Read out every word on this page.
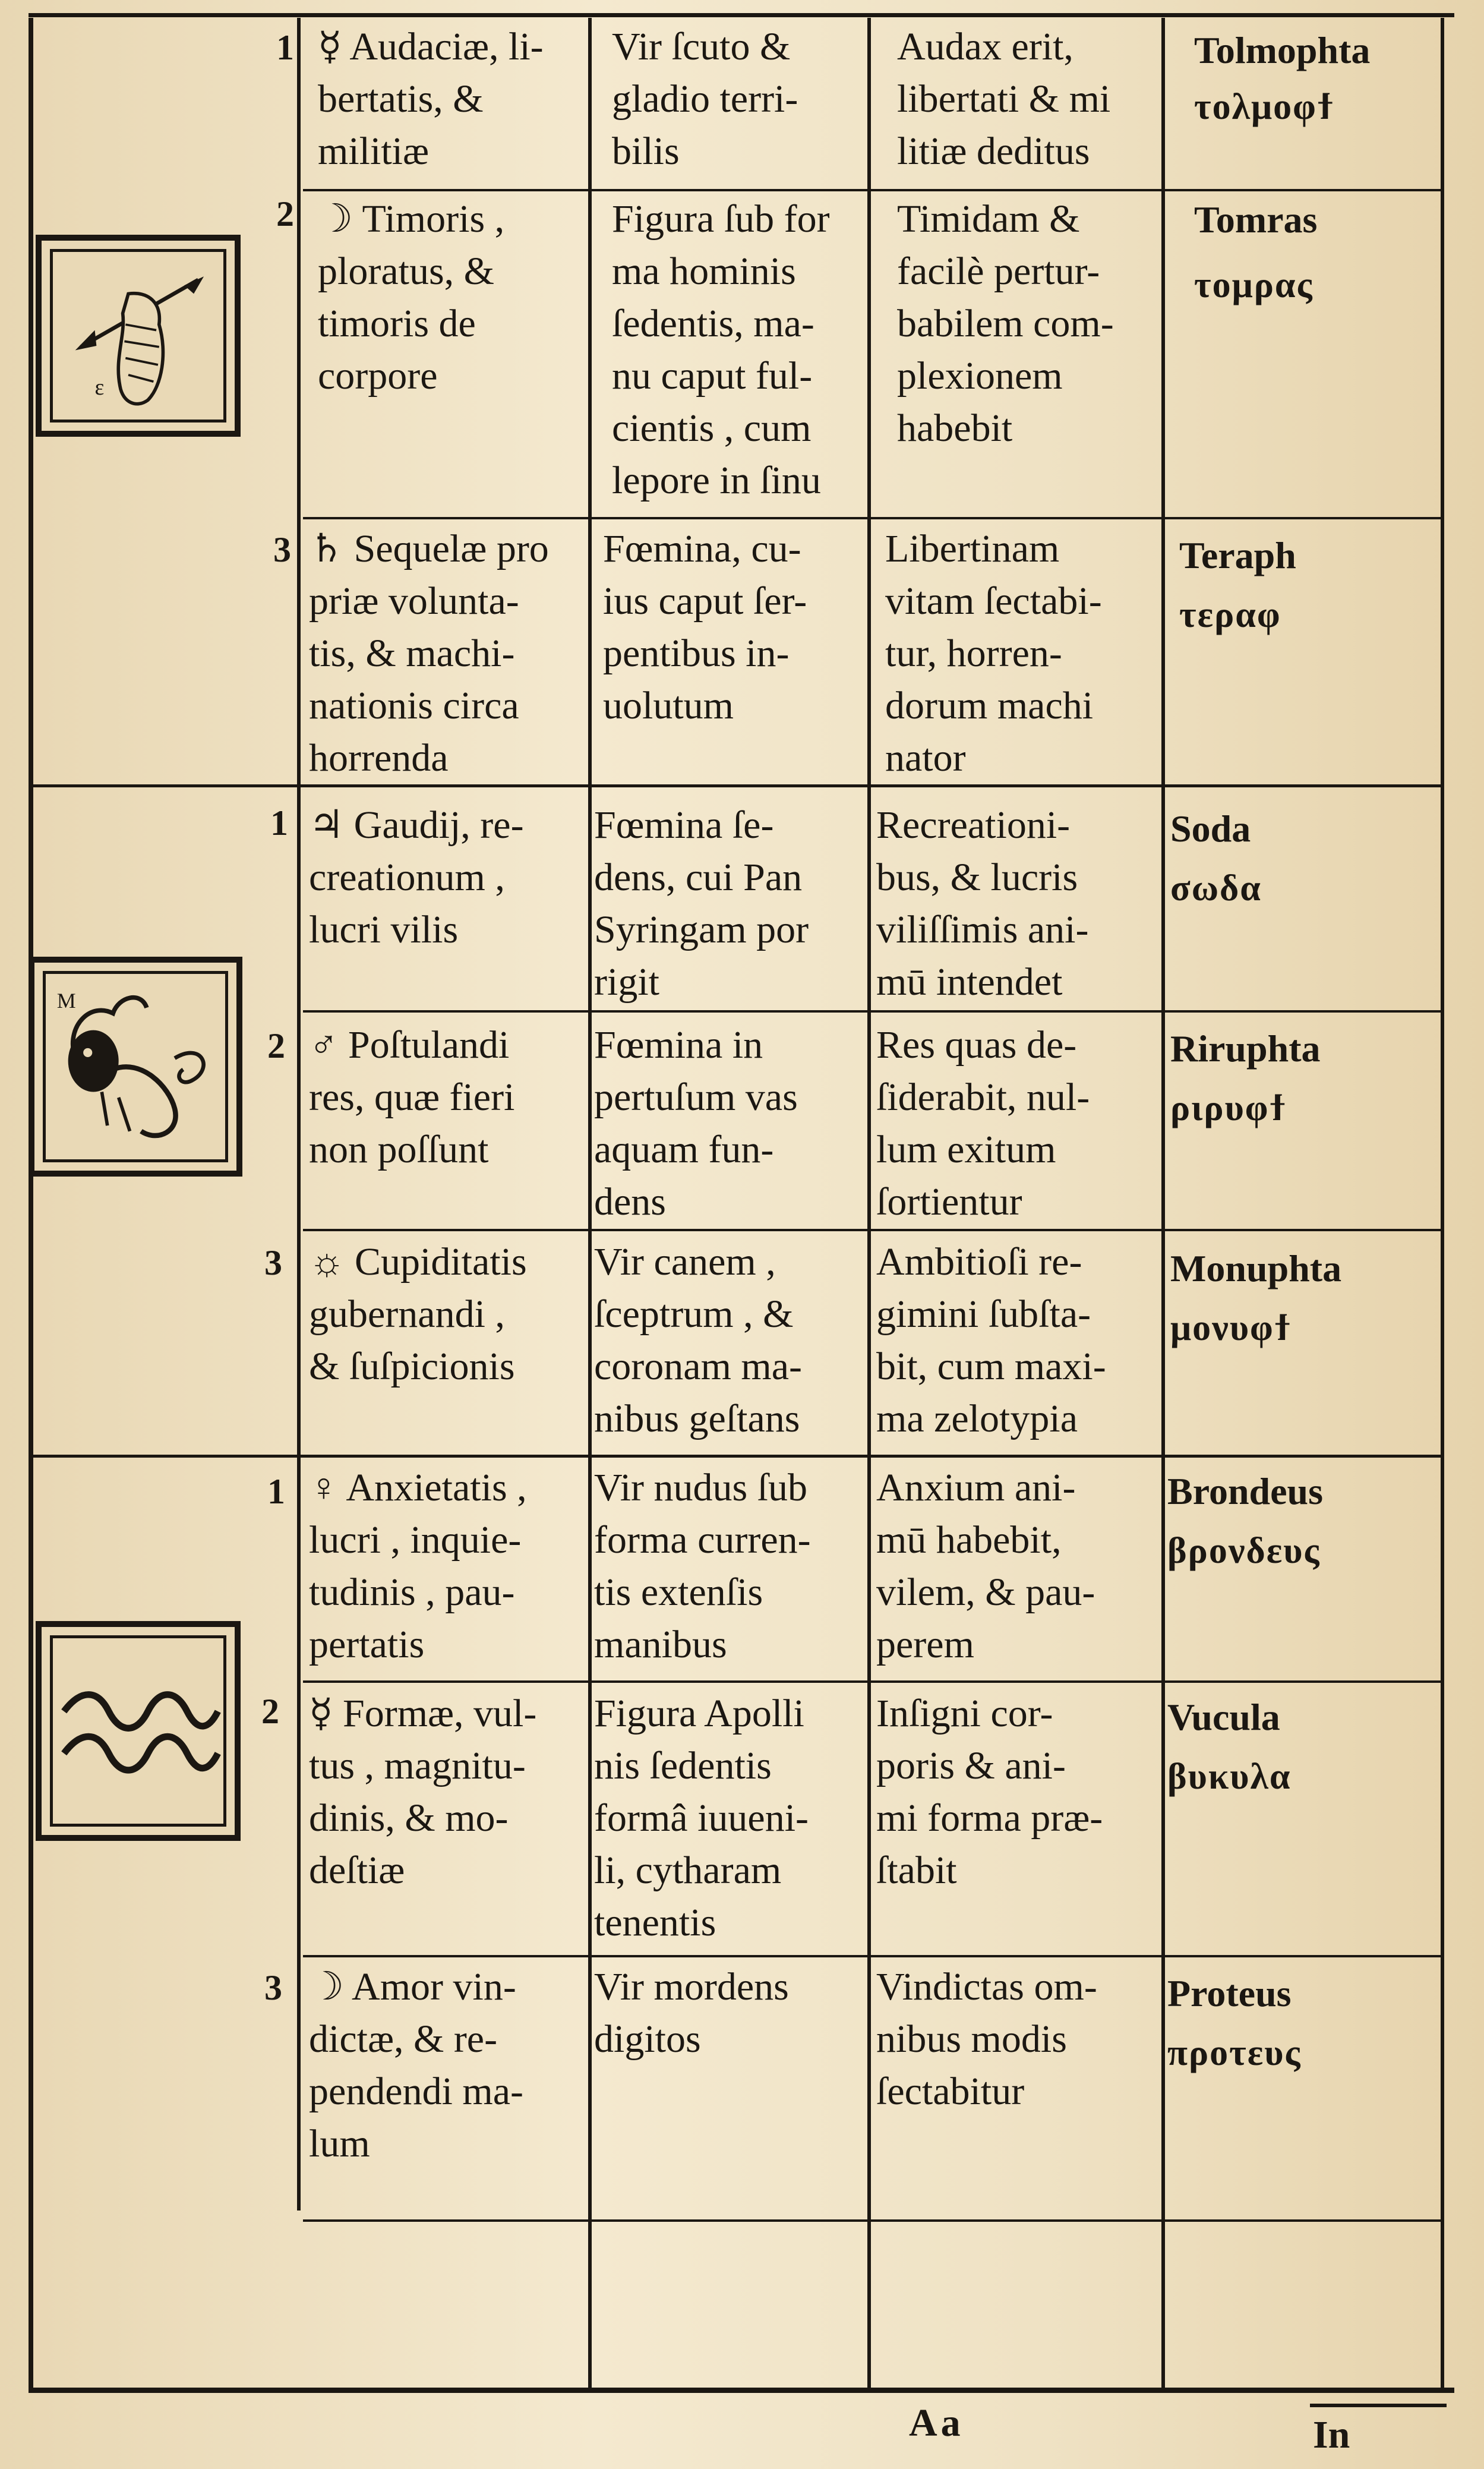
ε
M
1 ☿ Audaciæ, li-
bertatis, &
militiæ
Vir ſcuto &
gladio terri-
bilis
Audax erit,
libertati & mi
litiæ deditus
Tolmophta
τολμοφϯ
2 ☽ Timoris ,
ploratus, &
timoris de
corpore
Figura ſub for
ma hominis
ſedentis, ma-
nu caput ful-
cientis , cum
lepore in ſinu
Timidam &
facilè pertur-
babilem com-
plexionem
habebit
Tomras
τομρας
3 ♄ Sequelæ pro
priæ volunta-
tis, & machi-
nationis circa
horrenda
Fœmina, cu-
ius caput ſer-
pentibus in-
uolutum
Libertinam
vitam ſectabi-
tur, horren-
dorum machi
nator
Teraph
τεραφ
1 ♃ Gaudij, re-
creationum ,
lucri vilis
Fœmina ſe-
dens, cui Pan
Syringam por
rigit
Recreationi-
bus, & lucris
viliſſimis ani-
mū intendet
Soda
σωδα
2 ♂ Poſtulandi
res, quæ fieri
non poſſunt
Fœmina in
pertuſum vas
aquam fun-
dens
Res quas de-
ſiderabit, nul-
lum exitum
ſortientur
Riruphta
ριρυφϯ
3 ☼ Cupiditatis
gubernandi ,
& ſuſpicionis
Vir canem ,
ſceptrum , &
coronam ma-
nibus geſtans
Ambitioſi re-
gimini ſubſta-
bit, cum maxi-
ma zelotypia
Monuphta
μονυφϯ
1 ♀ Anxietatis ,
lucri , inquie-
tudinis , pau-
pertatis
Vir nudus ſub
forma curren-
tis extenſis
manibus
Anxium ani-
mū habebit,
vilem, & pau-
perem
Brondeus
βρονδευς
2 ☿ Formæ, vul-
tus , magnitu-
dinis, & mo-
deſtiæ
Figura Apolli
nis ſedentis
formâ iuueni-
li, cytharam
tenentis
Inſigni cor-
poris & ani-
mi forma præ-
ſtabit
Vucula
βυκυλα
3 ☽ Amor vin-
dictæ, & re-
pendendi ma-
lum
Vir mordens
digitos
Vindictas om-
nibus modis
ſectabitur
Proteus
προτευς
Aa	In
